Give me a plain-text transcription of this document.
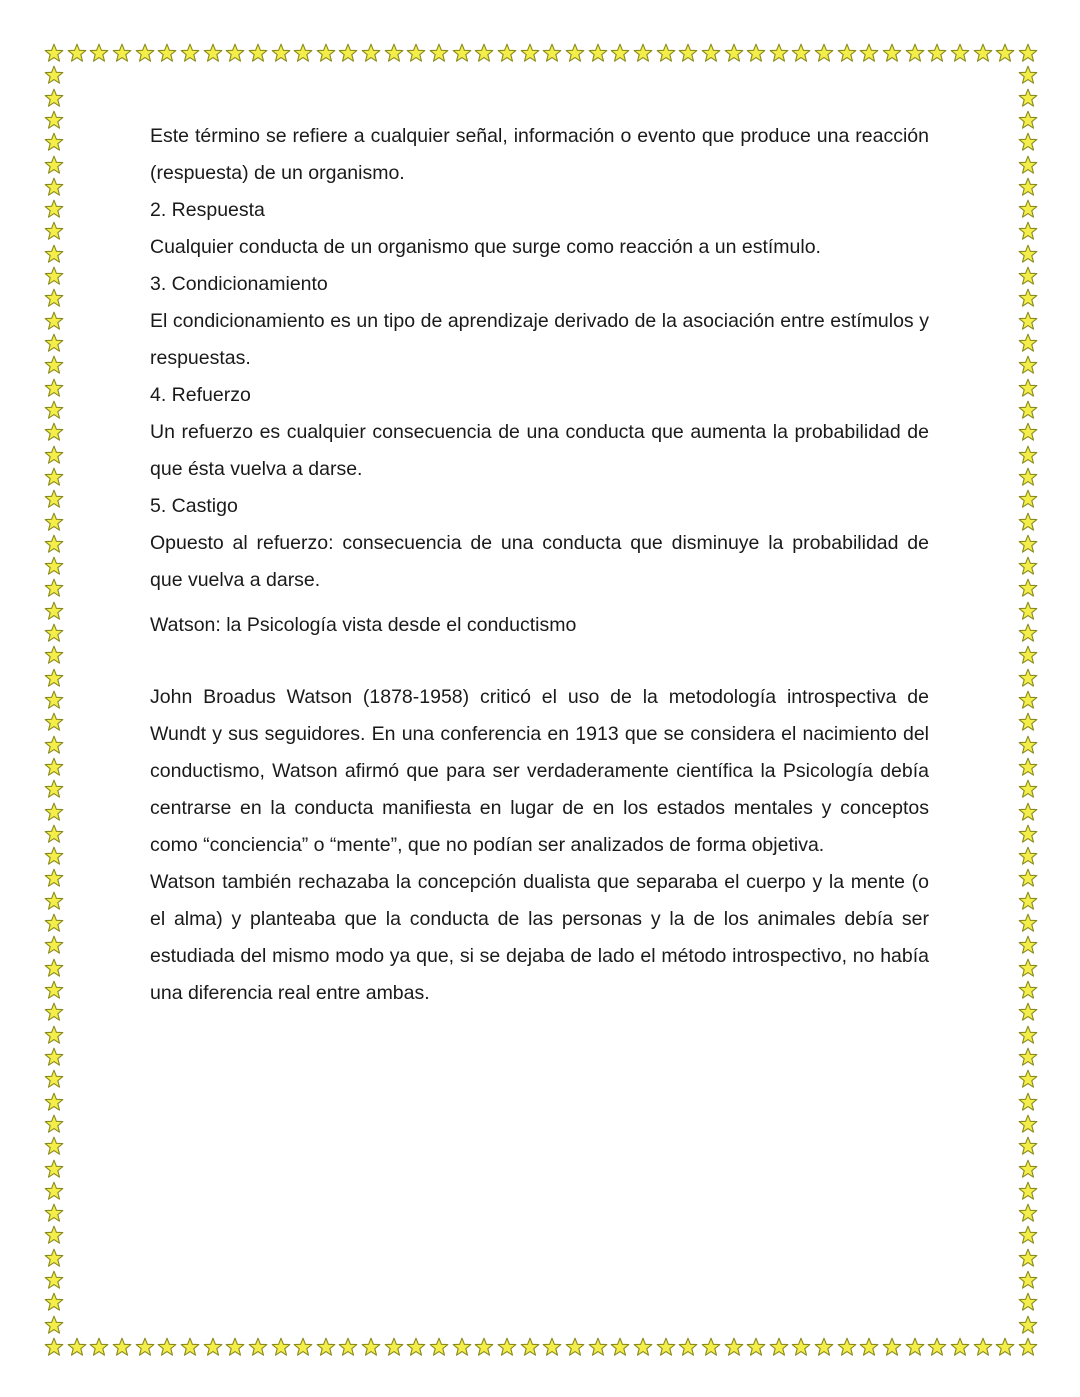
Este término se refiere a cualquier señal, información o evento que produce una reacción (respuesta) de un organismo.

2. Respuesta

Cualquier conducta de un organismo que surge como reacción a un estímulo.

3. Condicionamiento

El condicionamiento es un tipo de aprendizaje derivado de la asociación entre estímulos y respuestas.

4. Refuerzo

Un refuerzo es cualquier consecuencia de una conducta que aumenta la probabilidad de que ésta vuelva a darse.

5. Castigo

Opuesto al refuerzo: consecuencia de una conducta que disminuye la probabilidad de que vuelva a darse.

Watson: la Psicología vista desde el conductismo

John Broadus Watson (1878-1958) criticó el uso de la metodología introspectiva de Wundt y sus seguidores. En una conferencia en 1913 que se considera el nacimiento del conductismo, Watson afirmó que para ser verdaderamente científica la Psicología debía centrarse en la conducta manifiesta en lugar de en los estados mentales y conceptos como “conciencia” o “mente”, que no podían ser analizados de forma objetiva.

Watson también rechazaba la concepción dualista que separaba el cuerpo y la mente (o el alma) y planteaba que la conducta de las personas y la de los animales debía ser estudiada del mismo modo ya que, si se dejaba de lado el método introspectivo, no había una diferencia real entre ambas.
